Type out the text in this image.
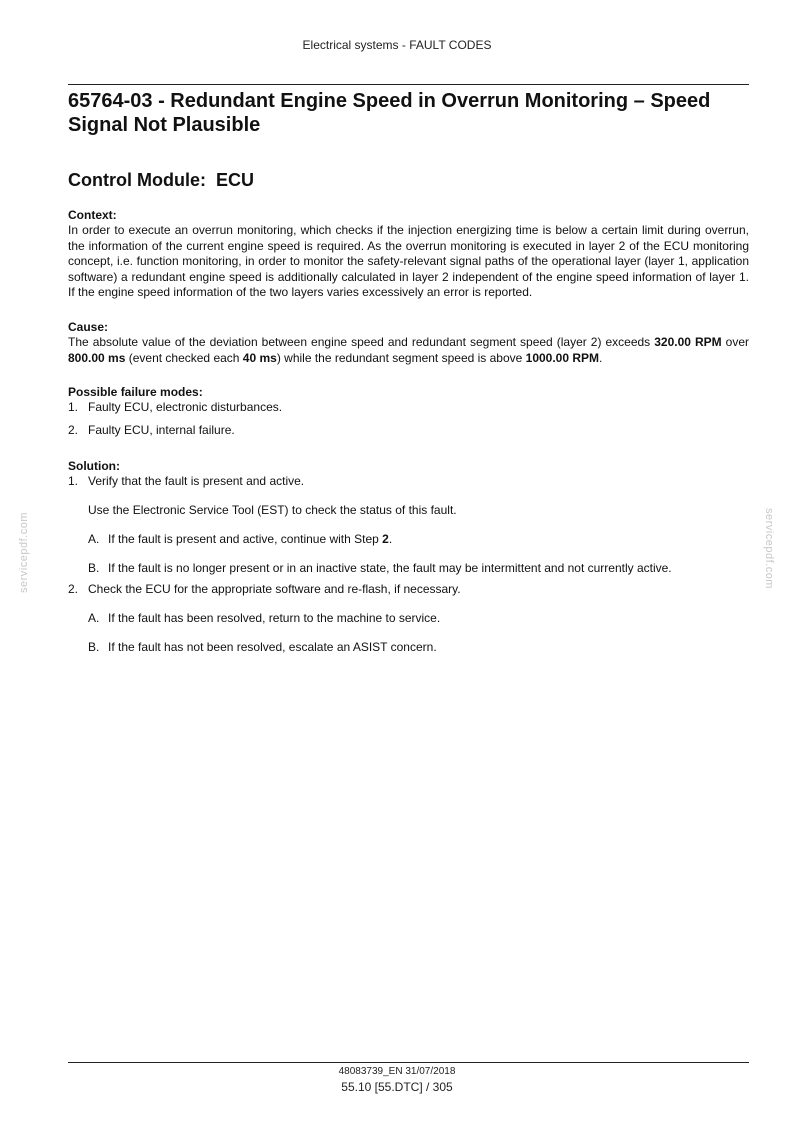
Electrical systems - FAULT CODES
65764-03 - Redundant Engine Speed in Overrun Monitoring – Speed Signal Not Plausible
Control Module: ECU

Context:

In order to execute an overrun monitoring, which checks if the injection energizing time is below a certain limit during overrun, the information of the current engine speed is required. As the overrun monitoring is executed in layer 2 of the ECU monitoring concept, i.e. function monitoring, in order to monitor the safety-relevant signal paths of the operational layer (layer 1, application software) a redundant engine speed is additionally calculated in layer 2 independent of the engine speed information of layer 1. If the engine speed information of the two layers varies excessively an error is reported.

Cause:

The absolute value of the deviation between engine speed and redundant segment speed (layer 2) exceeds 320.00 RPM over 800.00 ms (event checked each 40 ms) while the redundant segment speed is above 1000.00 RPM.

Possible failure modes:

1. Faulty ECU, electronic disturbances.
2. Faulty ECU, internal failure.

Solution:

1. Verify that the fault is present and active.
Use the Electronic Service Tool (EST) to check the status of this fault.
A. If the fault is present and active, continue with Step 2.
B. If the fault is no longer present or in an inactive state, the fault may be intermittent and not currently active.
2. Check the ECU for the appropriate software and re-flash, if necessary.
A. If the fault has been resolved, return to the machine to service.
B. If the fault has not been resolved, escalate an ASIST concern.
servicepdf.com	servicepdf.com
48083739_EN 31/07/2018
55.10 [55.DTC] / 305
